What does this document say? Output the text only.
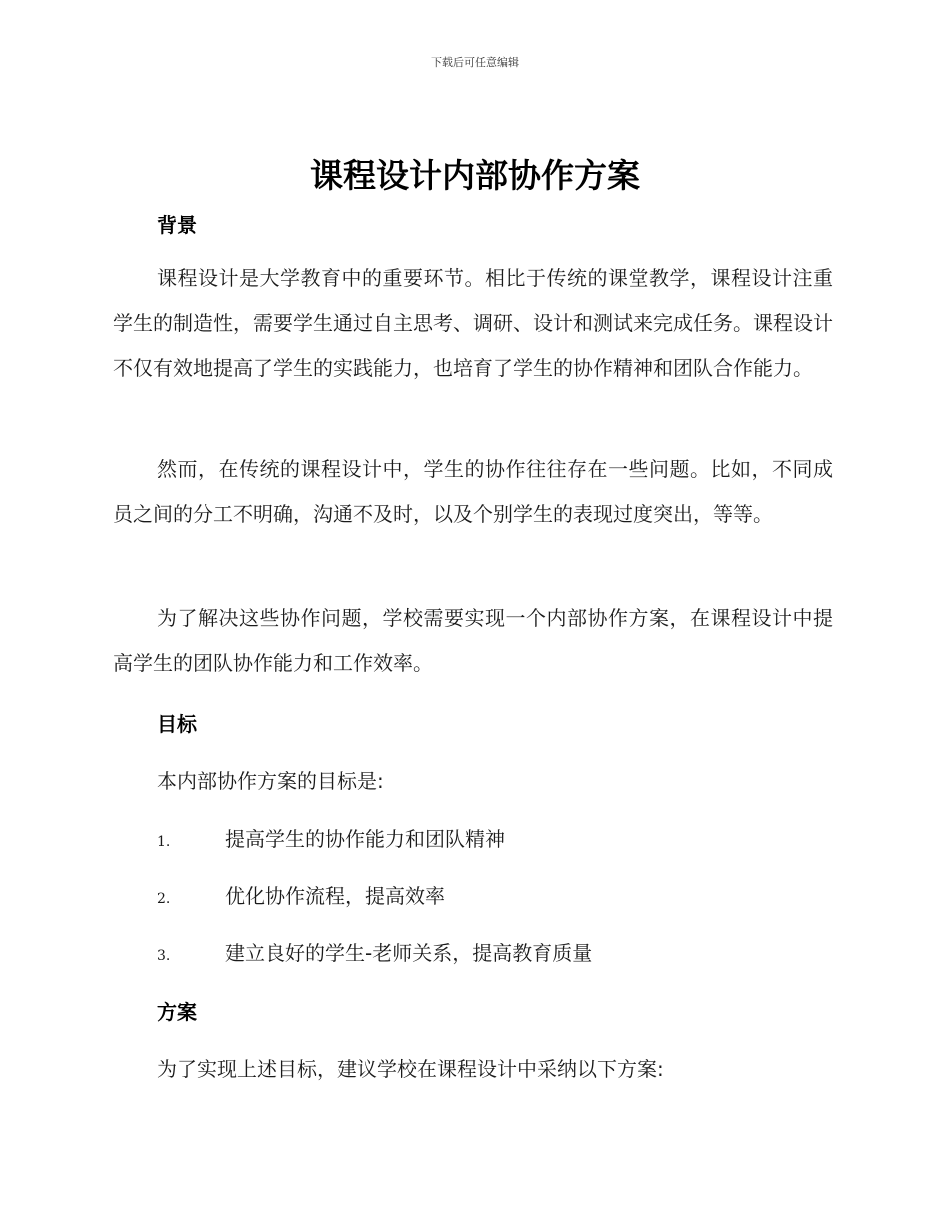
下载后可任意编辑
课程设计内部协作方案
背景

课程设计是大学教育中的重要环节。相比于传统的课堂教学，课程设计注重学生的制造性，需要学生通过自主思考、调研、设计和测试来完成任务。课程设计不仅有效地提高了学生的实践能力，也培育了学生的协作精神和团队合作能力。

然而，在传统的课程设计中，学生的协作往往存在一些问题。比如，不同成员之间的分工不明确，沟通不及时，以及个别学生的表现过度突出，等等。

为了解决这些协作问题，学校需要实现一个内部协作方案，在课程设计中提高学生的团队协作能力和工作效率。

目标

本内部协作方案的目标是:

1.	提高学生的协作能力和团队精神
2.	优化协作流程，提高效率
3.	建立良好的学生-老师关系，提高教育质量
方案

为了实现上述目标，建议学校在课程设计中采纳以下方案:
